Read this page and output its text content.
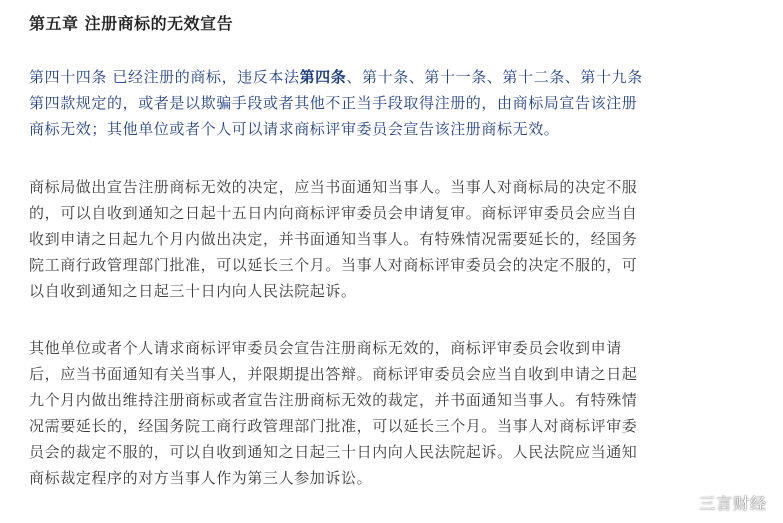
第五章 注册商标的无效宣告
第四十四条 已经注册的商标，违反本法第四条、第十条、第十一条、第十二条、第十九条
第四款规定的，或者是以欺骗手段或者其他不正当手段取得注册的，由商标局宣告该注册
商标无效；其他单位或者个人可以请求商标评审委员会宣告该注册商标无效。
商标局做出宣告注册商标无效的决定，应当书面通知当事人。当事人对商标局的决定不服
的，可以自收到通知之日起十五日内向商标评审委员会申请复审。商标评审委员会应当自
收到申请之日起九个月内做出决定，并书面通知当事人。有特殊情况需要延长的，经国务
院工商行政管理部门批准，可以延长三个月。当事人对商标评审委员会的决定不服的，可
以自收到通知之日起三十日内向人民法院起诉。
其他单位或者个人请求商标评审委员会宣告注册商标无效的，商标评审委员会收到申请
后，应当书面通知有关当事人，并限期提出答辩。商标评审委员会应当自收到申请之日起
九个月内做出维持注册商标或者宣告注册商标无效的裁定，并书面通知当事人。有特殊情
况需要延长的，经国务院工商行政管理部门批准，可以延长三个月。当事人对商标评审委
员会的裁定不服的，可以自收到通知之日起三十日内向人民法院起诉。人民法院应当通知
商标裁定程序的对方当事人作为第三人参加诉讼。
三言财经
